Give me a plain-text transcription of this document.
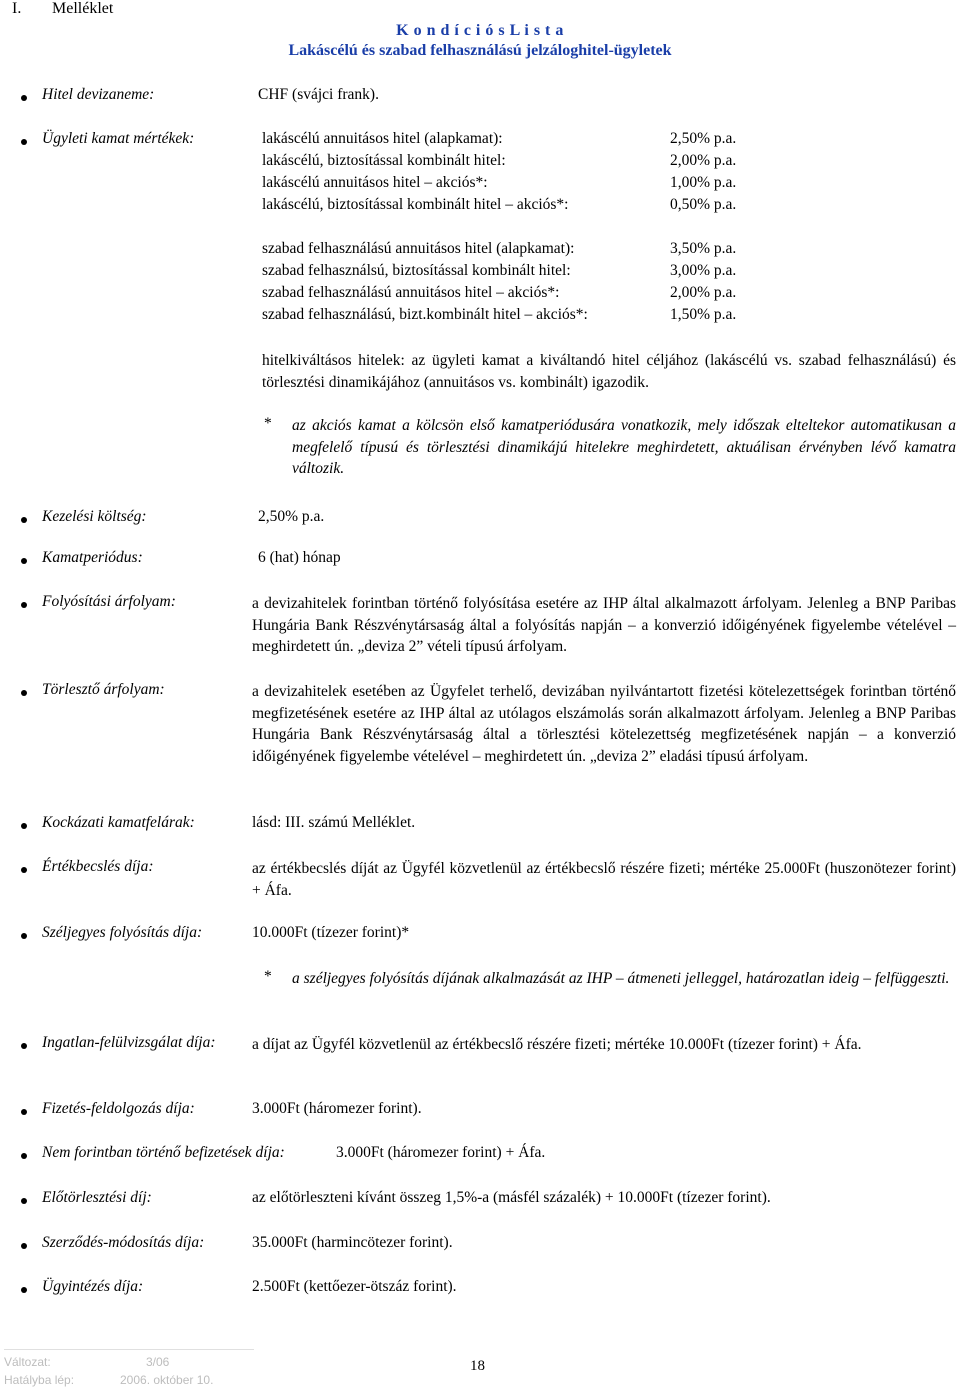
I. Melléklet
K o n d í c i ó s L i s t a
Lakáscélú és szabad felhasználású jelzáloghitel-ügyletek
Hitel devizaneme:	CHF (svájci frank).
Ügyleti kamat mértékek:	lakáscélú annuitásos hitel (alapkamat):	2,50% p.a.
lakáscélú, biztosítással kombinált hitel:	2,00% p.a.
lakáscélú annuitásos hitel – akciós*:	1,00% p.a.
lakáscélú, biztosítással kombinált hitel – akciós*:	0,50% p.a.
szabad felhasználású annuitásos hitel (alapkamat):	3,50% p.a.
szabad felhasználsú, biztosítással kombinált hitel:	3,00% p.a.
szabad felhasználású annuitásos hitel – akciós*:	2,00% p.a.
szabad felhasználású, bizt.kombinált hitel – akciós*:	1,50% p.a.
hitelkiváltásos hitelek: az ügyleti kamat a kiváltandó hitel céljához (lakáscélú vs. szabad felhasználású) és törlesztési dinamikájához (annuitásos vs. kombinált) igazodik.
* az akciós kamat a kölcsön első kamatperiódusára vonatkozik, mely időszak elteltekor automatikusan a megfelelő típusú és törlesztési dinamikájú hitelekre meghirdetett, aktuálisan érvényben lévő kamatra változik.
Kezelési költség:	2,50% p.a.
Kamatperiódus:	6 (hat) hónap
Folyósítási árfolyam:	a devizahitelek forintban történő folyósítása esetére az IHP által alkalmazott árfolyam. Jelenleg a BNP Paribas Hungária Bank Részvénytársaság által a folyósítás napján – a konverzió időigényének figyelembe vételével – meghirdetett ún. „deviza 2” vételi típusú árfolyam.
Törlesztő árfolyam:	a devizahitelek esetében az Ügyfelet terhelő, devizában nyilvántartott fizetési kötelezettségek forintban történő megfizetésének esetére az IHP által az utólagos elszámolás során alkalmazott árfolyam. Jelenleg a BNP Paribas Hungária Bank Részvénytársaság által a törlesztési kötelezettség megfizetésének napján – a konverzió időigényének figyelembe vételével – meghirdetett ún. „deviza 2” eladási típusú árfolyam.
Kockázati kamatfelárak:	lásd: III. számú Melléklet.
Értékbecslés díja:	az értékbecslés díját az Ügyfél közvetlenül az értékbecslő részére fizeti; mértéke 25.000Ft (huszonötezer forint) + Áfa.
Széljegyes folyósítás díja:	10.000Ft (tízezer forint)*
* a széljegyes folyósítás díjának alkalmazását az IHP – átmeneti jelleggel, határozatlan ideig – felfüggeszti.
Ingatlan-felülvizsgálat díja: a díjat az Ügyfél közvetlenül az értékbecslő részére fizeti; mértéke 10.000Ft (tízezer forint) + Áfa.
Fizetés-feldolgozás díja:	3.000Ft (háromezer forint).
Nem forintban történő befizetések díja:	3.000Ft (háromezer forint) + Áfa.
Előtörlesztési díj:	az előtörleszteni kívánt összeg 1,5%-a (másfél százalék) + 10.000Ft (tízezer forint).
Szerződés-módosítás díja:	35.000Ft (harmincötezer forint).
Ügyintézés díja:	2.500Ft (kettőezer-ötszáz forint).
Változat:	3/06
Hatályba lép:	2006. október 10.
18
